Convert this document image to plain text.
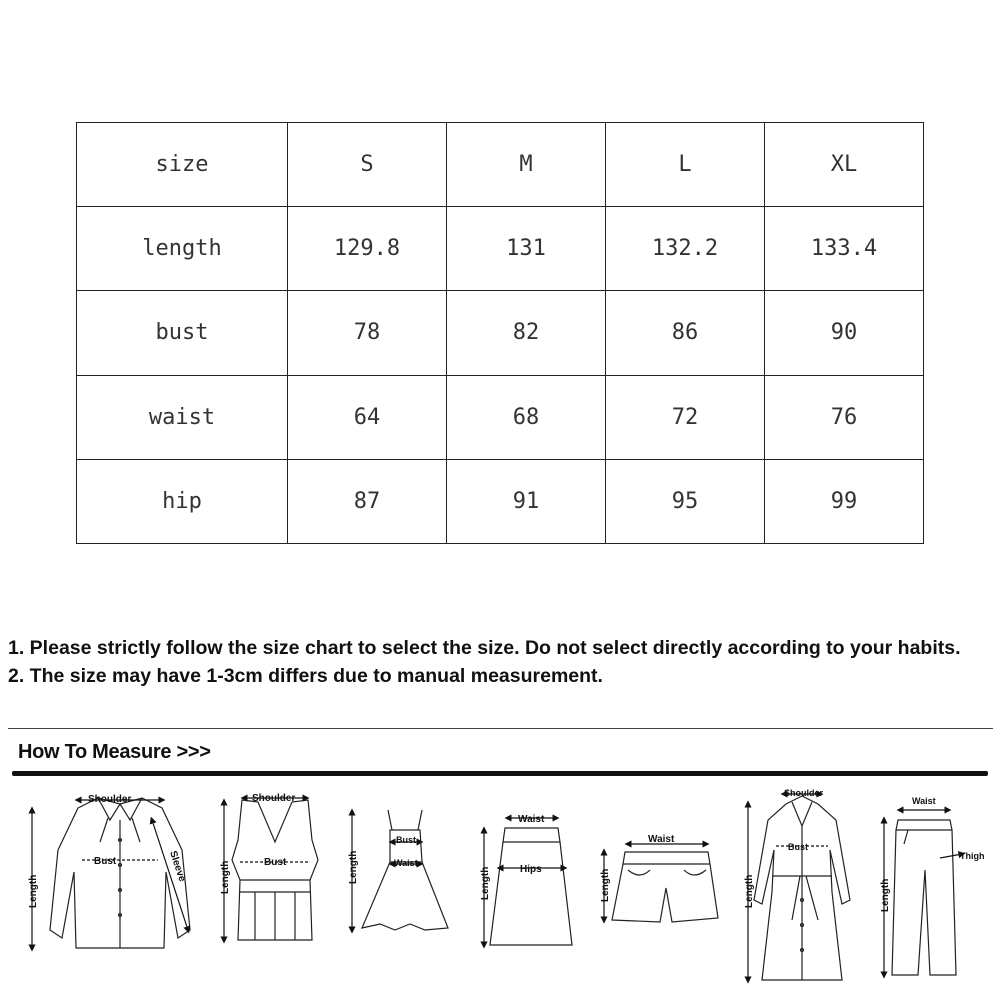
size	S	M	L	XL
length	129.8	131	132.2	133.4
bust	78	82	86	90
waist	64	68	72	76
hip	87	91	95	99

1. Please strictly follow the size chart to select the size. Do not select directly according to your habits.

2. The size may have 1-3cm differs due to manual measurement.

How To Measure >>>
Shoulder
Bust
Length
Sleeve
Shoulder
Bust
Length
Bust
Waist
Length
Waist
Hips
Length
Waist
Length
Shoulder
Bust
Length
Waist
Thigh
Length
